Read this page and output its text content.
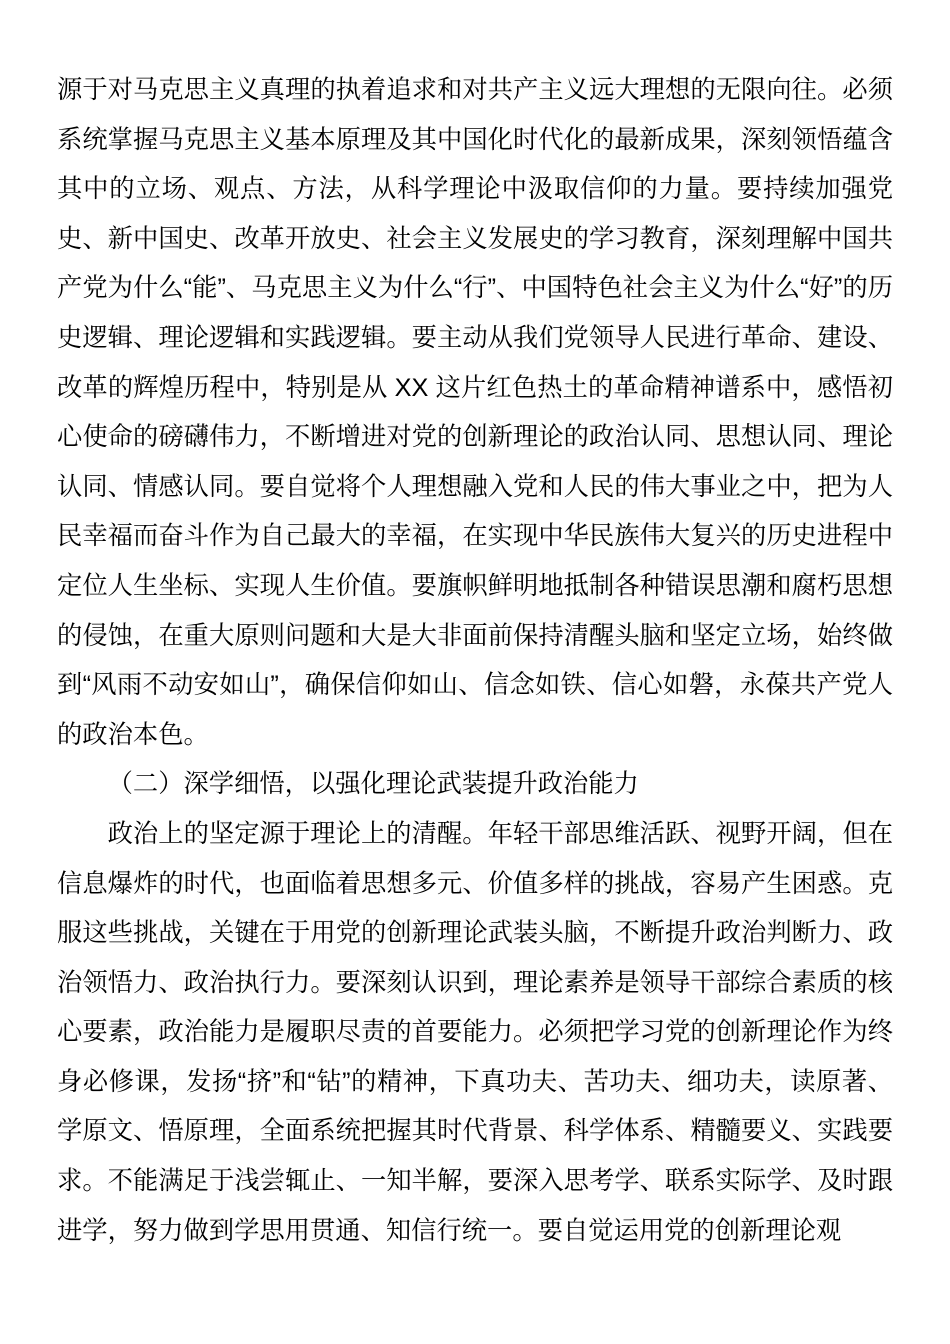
源于对马克思主义真理的执着追求和对共产主义远大理想的无限向往。必须系统掌握马克思主义基本原理及其中国化时代化的最新成果，深刻领悟蕴含其中的立场、观点、方法，从科学理论中汲取信仰的力量。要持续加强党史、新中国史、改革开放史、社会主义发展史的学习教育，深刻理解中国共产党为什么“能”、马克思主义为什么“行”、中国特色社会主义为什么“好”的历史逻辑、理论逻辑和实践逻辑。要主动从我们党领导人民进行革命、建设、改革的辉煌历程中，特别是从 XX 这片红色热土的革命精神谱系中，感悟初心使命的磅礴伟力，不断增进对党的创新理论的政治认同、思想认同、理论认同、情感认同。要自觉将个人理想融入党和人民的伟大事业之中，把为人民幸福而奋斗作为自己最大的幸福，在实现中华民族伟大复兴的历史进程中定位人生坐标、实现人生价值。要旗帜鲜明地抵制各种错误思潮和腐朽思想的侵蚀，在重大原则问题和大是大非面前保持清醒头脑和坚定立场，始终做到“风雨不动安如山”，确保信仰如山、信念如铁、信心如磐，永葆共产党人的政治本色。

（二）深学细悟，以强化理论武装提升政治能力

政治上的坚定源于理论上的清醒。年轻干部思维活跃、视野开阔，但在信息爆炸的时代，也面临着思想多元、价值多样的挑战，容易产生困惑。克服这些挑战，关键在于用党的创新理论武装头脑，不断提升政治判断力、政治领悟力、政治执行力。要深刻认识到，理论素养是领导干部综合素质的核心要素，政治能力是履职尽责的首要能力。必须把学习党的创新理论作为终身必修课，发扬“挤”和“钻”的精神，下真功夫、苦功夫、细功夫，读原著、学原文、悟原理，全面系统把握其时代背景、科学体系、精髓要义、实践要求。不能满足于浅尝辄止、一知半解，要深入思考学、联系实际学、及时跟进学，努力做到学思用贯通、知信行统一。要自觉运用党的创新理论观
